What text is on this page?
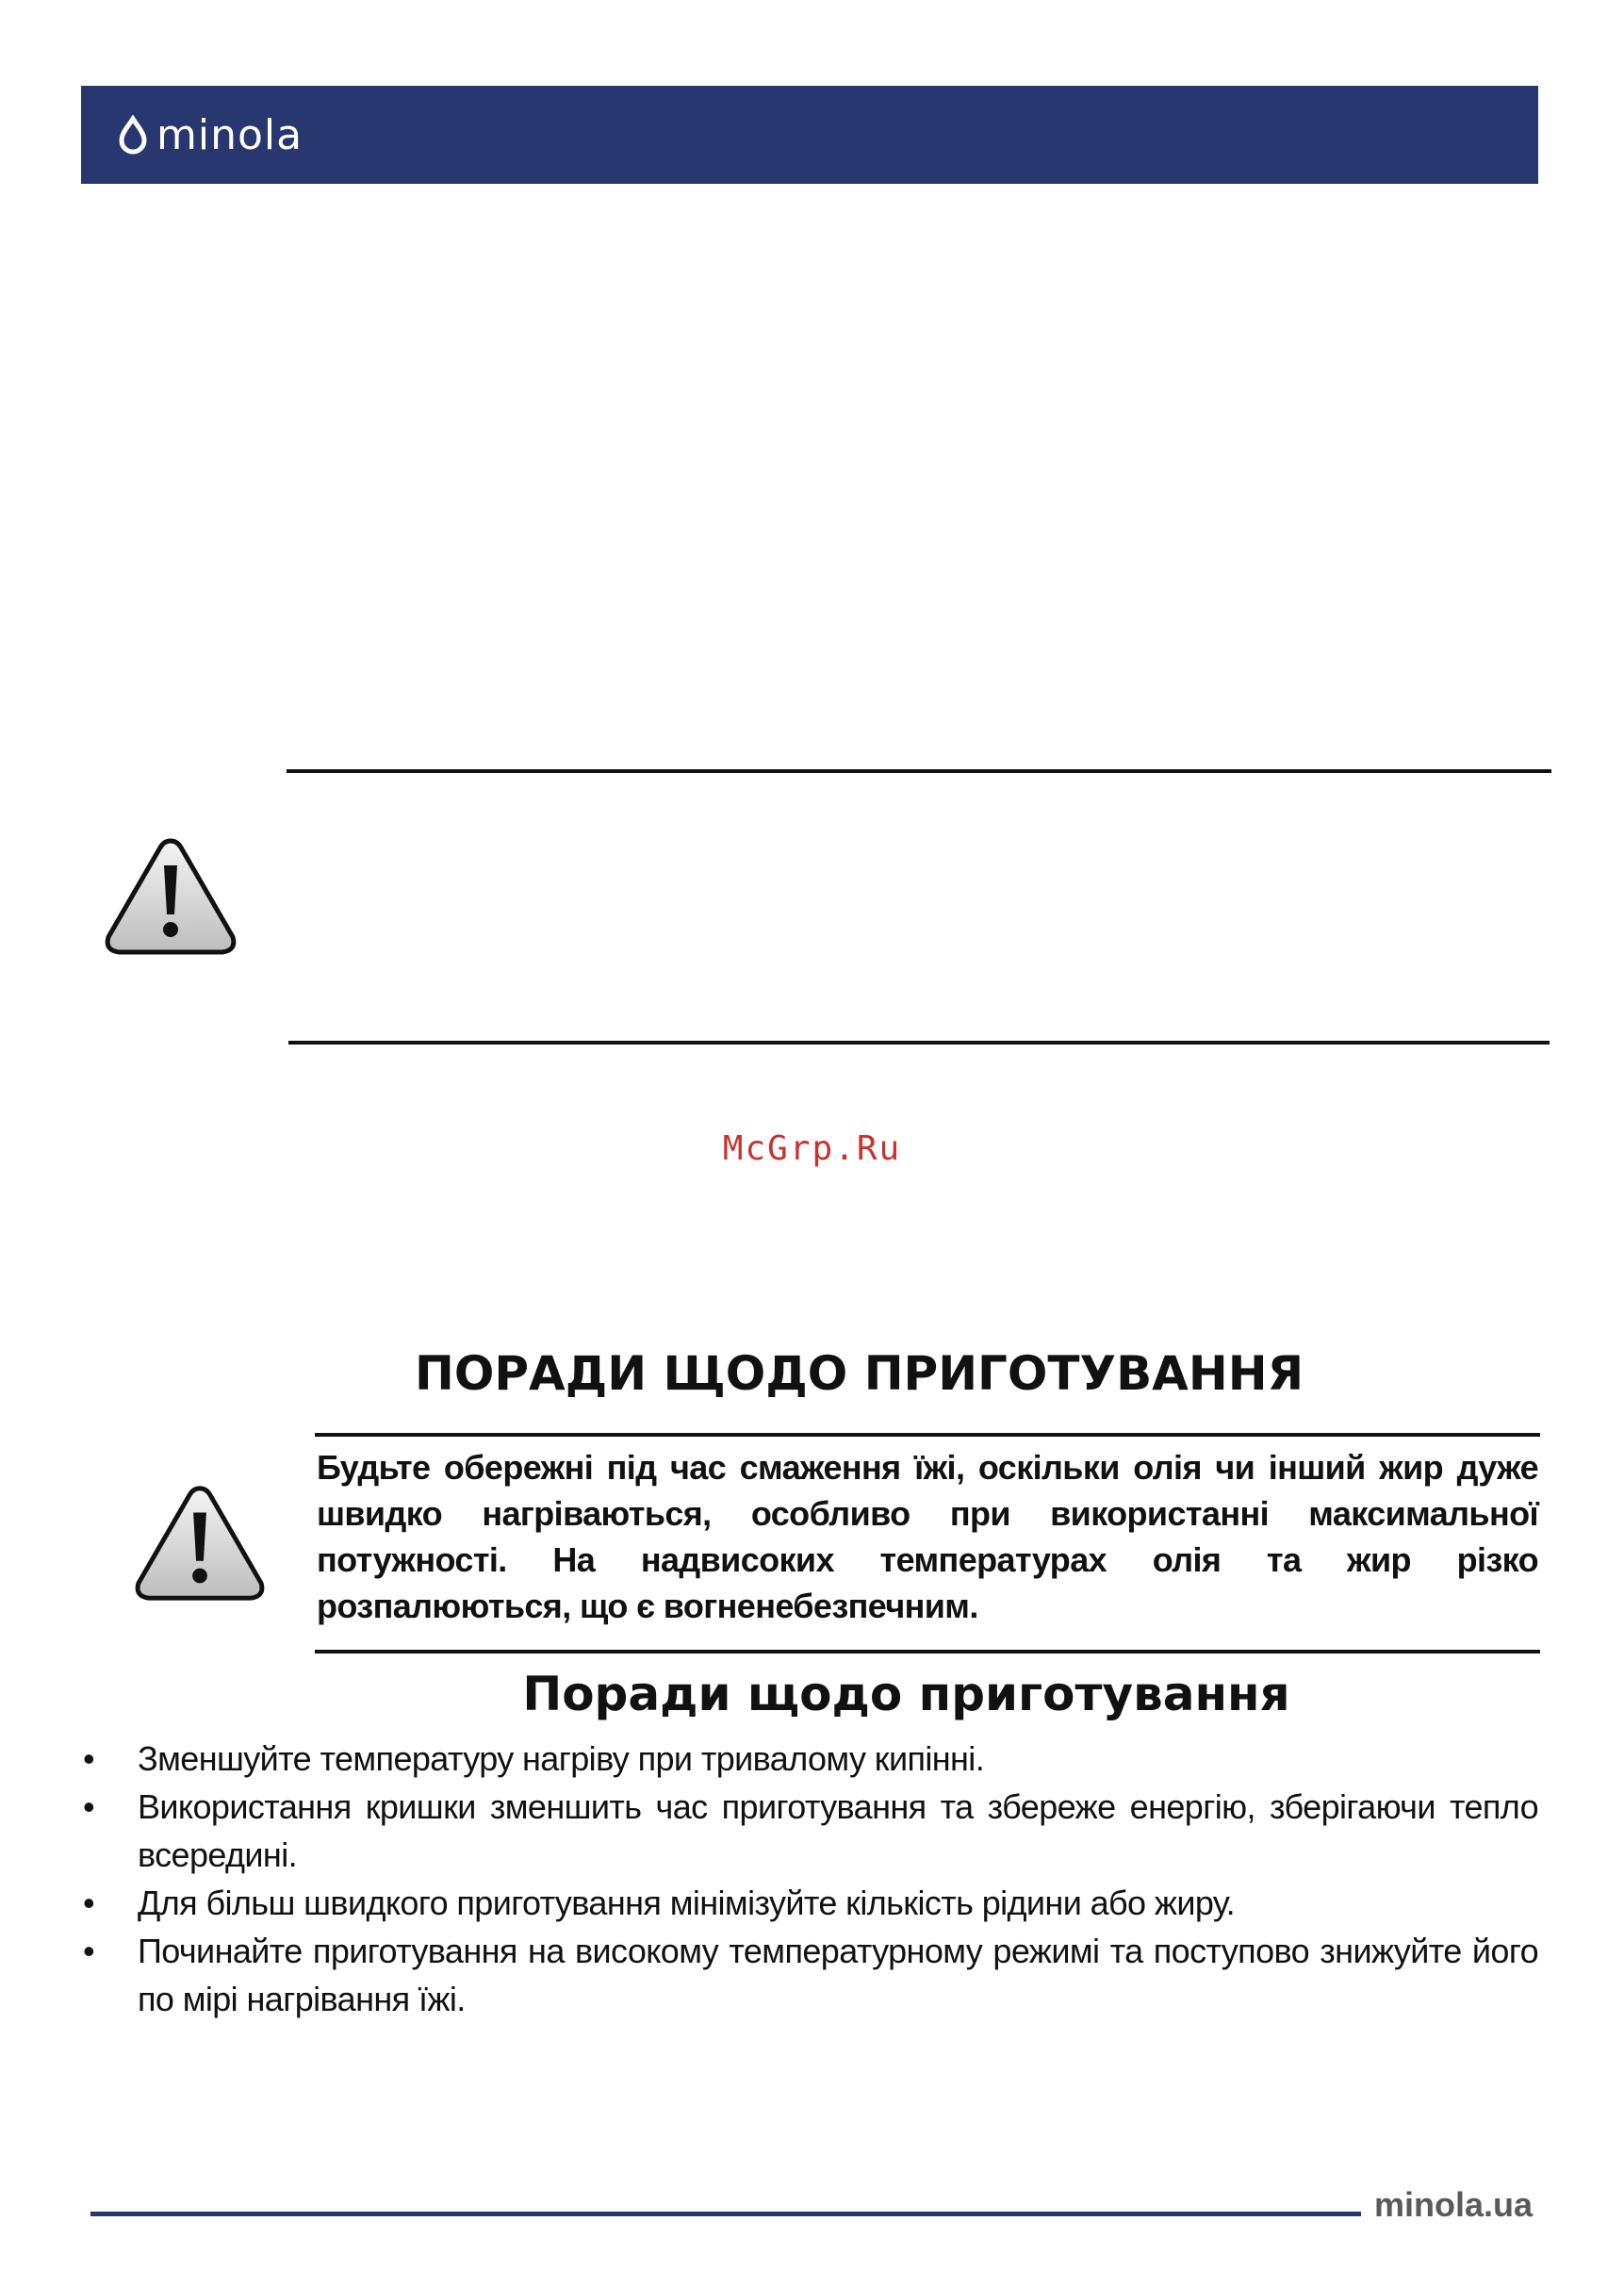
minola
McGrp.Ru
ПОРАДИ ЩОДО ПРИГОТУВАННЯ
Будьте обережні під час смаження їжі, оскільки олія чи інший жир дуже швидко нагріваються, особливо при використанні максимальної потужності. На надвисоких температурах олія та жир різко розпалюються, що є вогненебезпечним.
Поради щодо приготування
• Зменшуйте температуру нагріву при тривалому кипінні.
• Використання кришки зменшить час приготування та збереже енергію, зберігаючи тепло всередині.
• Для більш швидкого приготування мінімізуйте кількість рідини або жиру.
• Починайте приготування на високому температурному режимі та поступово знижуйте його по мірі нагрівання їжі.
minola.ua
